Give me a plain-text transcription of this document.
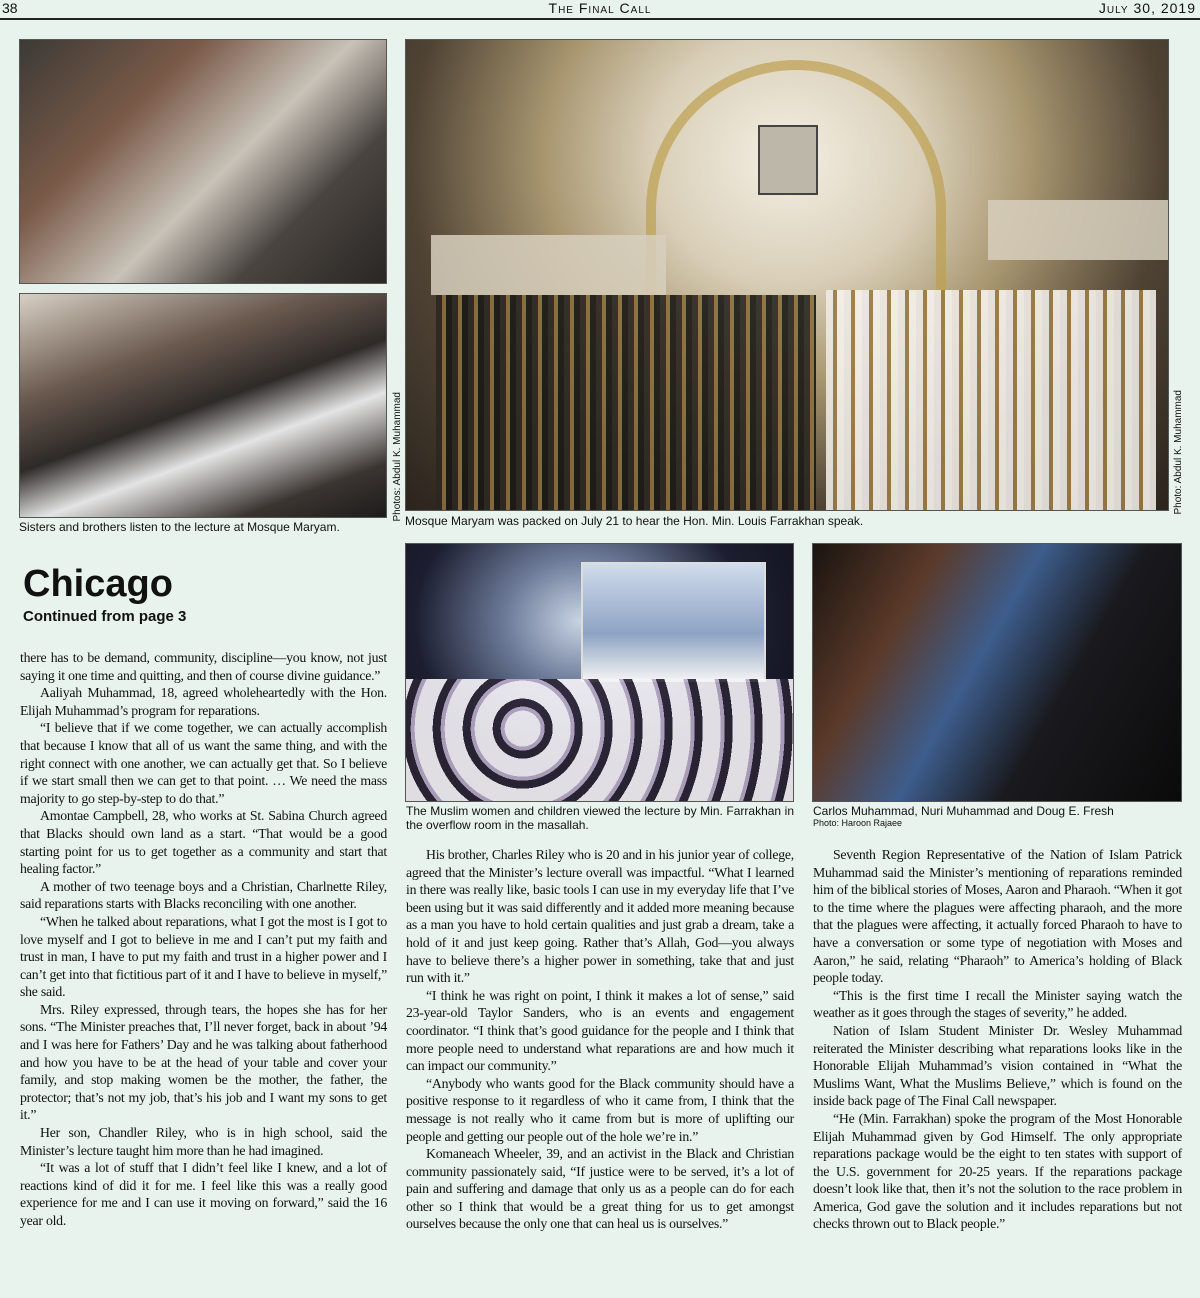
38	The Final Call	July 30, 2019
Photos: Abdul K. Muhammad	Photo: Abdul K. Muhammad
Sisters and brothers listen to the lecture at Mosque Maryam.	Mosque Maryam was packed on July 21 to hear the Hon. Min. Louis Farrakhan speak.
The Muslim women and children viewed the lecture by Min. Farrakhan in the overflow room in the masallah.
Carlos Muhammad, Nuri Muhammad and Doug E. Fresh
Photo: Haroon Rajaee
Chicago
Continued from page 3

there has to be demand, community, discipline—you know, not just saying it one time and quitting, and then of course divine guidance.”

Aaliyah Muhammad, 18, agreed wholeheartedly with the Hon. Elijah Muhammad’s program for reparations.

“I believe that if we come together, we can actually accomplish that because I know that all of us want the same thing, and with the right connect with one another, we can actually get that. So I believe if we start small then we can get to that point. … We need the mass majority to go step-by-step to do that.”

Amontae Campbell, 28, who works at St. Sabina Church agreed that Blacks should own land as a start. “That would be a good starting point for us to get together as a community and start that healing factor.”

A mother of two teenage boys and a Christian, Charlnette Riley, said reparations starts with Blacks reconciling with one another.

“When he talked about reparations, what I got the most is I got to love myself and I got to believe in me and I can’t put my faith and trust in man, I have to put my faith and trust in a higher power and I can’t get into that fictitious part of it and I have to believe in myself,” she said.

Mrs. Riley expressed, through tears, the hopes she has for her sons. “The Minister preaches that, I’ll never forget, back in about ’94 and I was here for Fathers’ Day and he was talking about fatherhood and how you have to be at the head of your table and cover your family, and stop making women be the mother, the father, the protector; that’s not my job, that’s his job and I want my sons to get it.”

Her son, Chandler Riley, who is in high school, said the Minister’s lecture taught him more than he had imagined.

“It was a lot of stuff that I didn’t feel like I knew, and a lot of reactions kind of did it for me. I feel like this was a really good experience for me and I can use it moving on forward,” said the 16 year old.

His brother, Charles Riley who is 20 and in his junior year of college, agreed that the Minister’s lecture overall was impactful. “What I learned in there was really like, basic tools I can use in my everyday life that I’ve been using but it was said differently and it added more meaning because as a man you have to hold certain qualities and just grab a dream, take a hold of it and just keep going. Rather that’s Allah, God—you always have to believe there’s a higher power in something, take that and just run with it.”

“I think he was right on point, I think it makes a lot of sense,” said 23-year-old Taylor Sanders, who is an events and engagement coordinator. “I think that’s good guidance for the people and I think that more people need to understand what reparations are and how much it can impact our community.”

“Anybody who wants good for the Black community should have a positive response to it regardless of who it came from, I think that the message is not really who it came from but is more of uplifting our people and getting our people out of the hole we’re in.”

Komaneach Wheeler, 39, and an activist in the Black and Christian community passionately said, “If justice were to be served, it’s a lot of pain and suffering and damage that only us as a people can do for each other so I think that would be a great thing for us to get amongst ourselves because the only one that can heal us is ourselves.”

Seventh Region Representative of the Nation of Islam Patrick Muhammad said the Minister’s mentioning of reparations reminded him of the biblical stories of Moses, Aaron and Pharaoh. “When it got to the time where the plagues were affecting pharaoh, and the more that the plagues were affecting, it actually forced Pharaoh to have to have a conversation or some type of negotiation with Moses and Aaron,” he said, relating “Pharaoh” to America’s holding of Black people today.

“This is the first time I recall the Minister saying watch the weather as it goes through the stages of severity,” he added.

Nation of Islam Student Minister Dr. Wesley Muhammad reiterated the Minister describing what reparations looks like in the Honorable Elijah Muhammad’s vision contained in “What the Muslims Want, What the Muslims Believe,” which is found on the inside back page of The Final Call newspaper.

“He (Min. Farrakhan) spoke the program of the Most Honorable Elijah Muhammad given by God Himself. The only appropriate reparations package would be the eight to ten states with support of the U.S. government for 20-25 years. If the reparations package doesn’t look like that, then it’s not the solution to the race problem in America, God gave the solution and it includes reparations but not checks thrown out to Black people.”
